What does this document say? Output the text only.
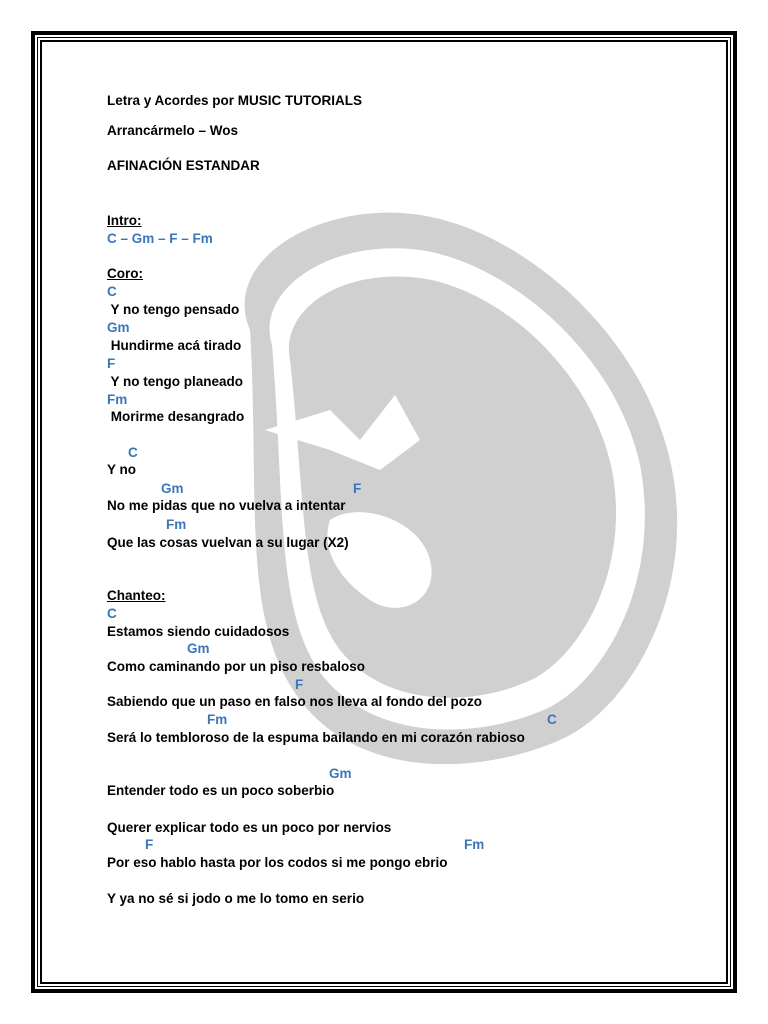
Letra y Acordes por MUSIC TUTORIALS
Arrancármelo – Wos
AFINACIÓN ESTANDAR
Intro:
C – Gm – F – Fm
Coro:
C
Y no tengo pensado
Gm
Hundirme acá tirado
F
Y no tengo planeado
Fm
Morirme desangrado
C
Y no
Gm	F
No me pidas que no vuelva a intentar
Fm
Que las cosas vuelvan a su lugar (X2)
Chanteo:
C
Estamos siendo cuidadosos
Gm
Como caminando por un piso resbaloso
F
Sabiendo que un paso en falso nos lleva al fondo del pozo
Fm	C
Será lo tembloroso de la espuma bailando en mi corazón rabioso
Gm
Entender todo es un poco soberbio
Querer explicar todo es un poco por nervios
F	Fm
Por eso hablo hasta por los codos si me pongo ebrio
Y ya no sé si jodo o me lo tomo en serio
